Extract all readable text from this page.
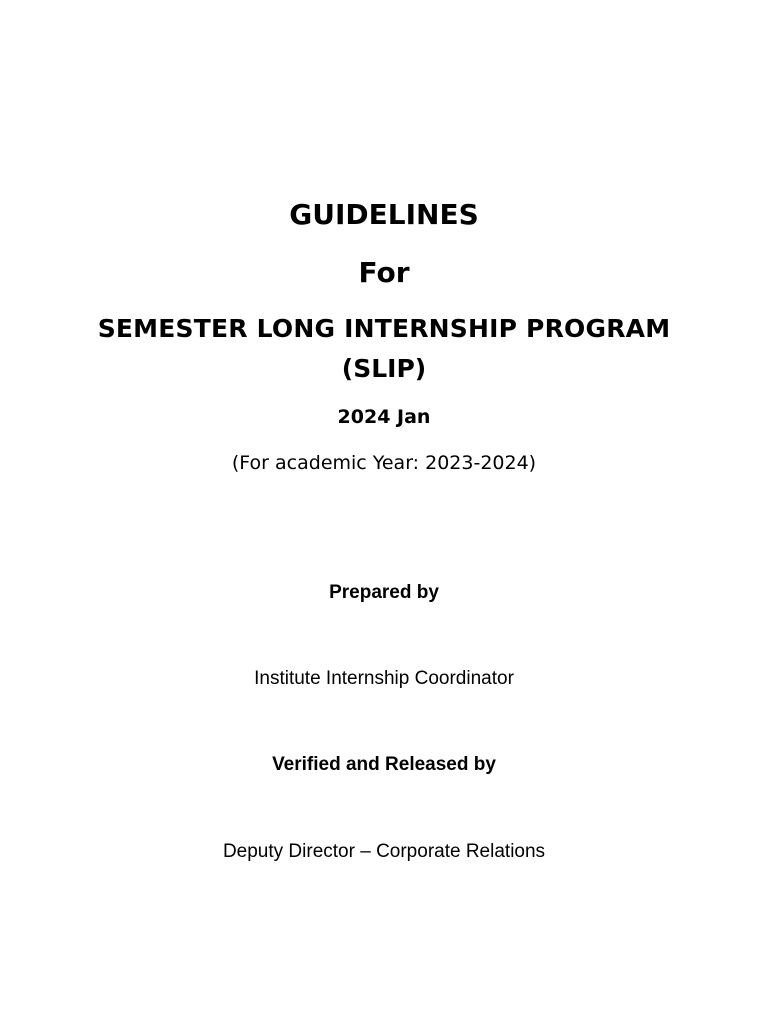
GUIDELINES
For
SEMESTER LONG INTERNSHIP PROGRAM
(SLIP)
2024 Jan
(For academic Year: 2023-2024)
Prepared by
Institute Internship Coordinator
Verified and Released by
Deputy Director – Corporate Relations
